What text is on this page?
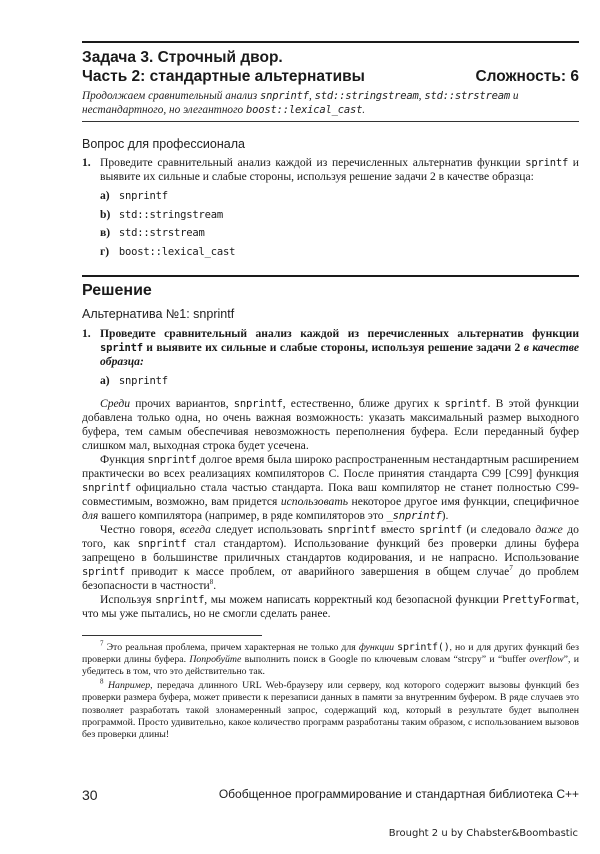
Задача 3. Строчный двор.
Часть 2: стандартные альтернативы	Сложность: 6
Продолжаем сравнительный анализ snprintf, std::stringstream, std::strstream и нестандартного, но элегантного boost::lexical_cast.
Вопрос для профессионала
1. Проведите сравнительный анализ каждой из перечисленных альтернатив функции sprintf и выявите их сильные и слабые стороны, используя решение задачи 2 в качестве образца:
а) snprintf
b) std::stringstream
в) std::strstream
г) boost::lexical_cast
Решение
Альтернатива №1: snprintf
1. Проведите сравнительный анализ каждой из перечисленных альтернатив функции sprintf и выявите их сильные и слабые стороны, используя решение задачи 2 в качестве образца:
а) snprintf

Среди прочих вариантов, snprintf, естественно, ближе других к sprintf. В этой функции добавлена только одна, но очень важная возможность: указать максимальный размер выходного буфера, тем самым обеспечивая невозможность переполнения буфера. Если переданный буфер слишком мал, выходная строка будет усечена.

Функция snprintf долгое время была широко распространенным нестандартным расширением практически во всех реализациях компиляторов C. После принятия стандарта C99 [C99] функция snprintf официально стала частью стандарта. Пока ваш компилятор не станет полностью C99-совместимым, возможно, вам придется использовать некоторое другое имя функции, специфичное для вашего компилятора (например, в ряде компиляторов это _snprintf).

Честно говоря, всегда следует использовать snprintf вместо sprintf (и следовало даже до того, как snprintf стал стандартом). Использование функций без проверки длины буфера запрещено в большинстве приличных стандартов кодирования, и не напрасно. Использование sprintf приводит к массе проблем, от аварийного завершения в общем случае$^7$ до проблем безопасности в частности$^8$.

Используя snprintf, мы можем написать корректный код безопасной функции PrettyFormat, что мы уже пытались, но не смогли сделать ранее.

$^7$ Это реальная проблема, причем характерная не только для функции sprintf(), но и для других функций без проверки длины буфера. Попробуйте выполнить поиск в Google по ключевым словам “strcpy” и “buffer overflow”, и убедитесь в том, что это действительно так.
$^8$ Например, передача длинного URL Web-браузеру или серверу, код которого содержит вызовы функций без проверки размера буфера, может привести к перезаписи данных в памяти за внутренним буфером. В ряде случаев это позволяет разработать такой злонамеренный запрос, содержащий код, который в результате будет выполнен программой. Просто удивительно, какое количество программ разработаны таким образом, с использованием вызовов без проверки длины!
30	Обобщенное программирование и стандартная библиотека C++
Brought 2 u by Chabster&Boombastic
